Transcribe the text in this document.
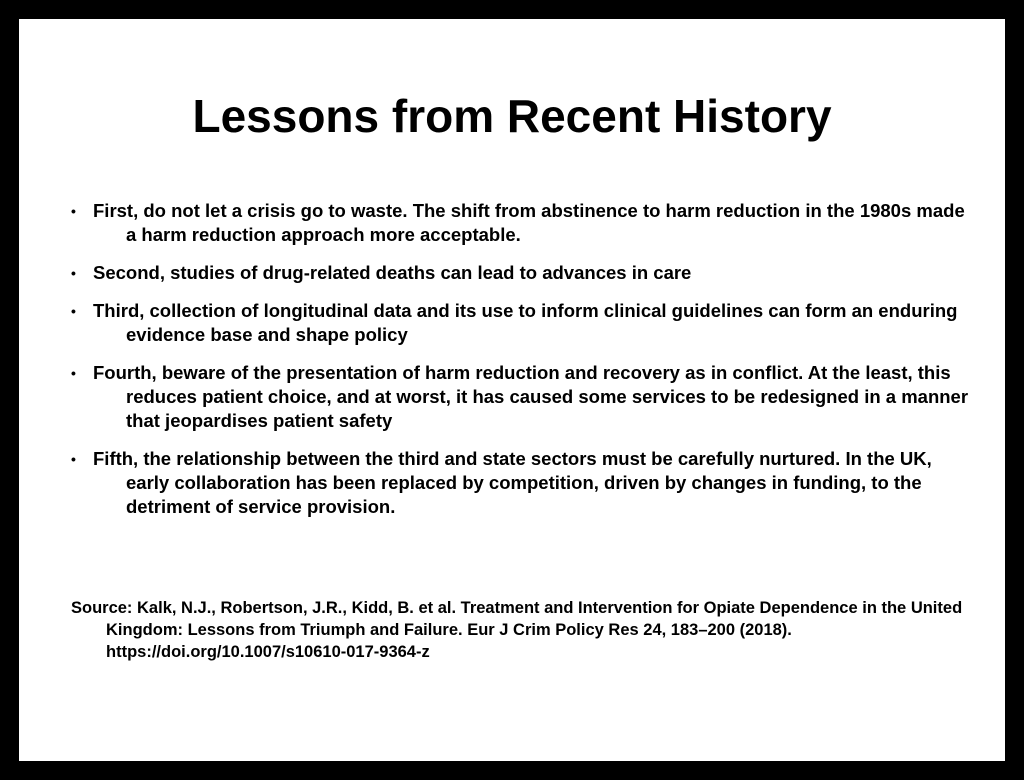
Lessons from Recent History
• First, do not let a crisis go to waste. The shift from abstinence to harm reduction in the 1980s made a harm reduction approach more acceptable.
• Second, studies of drug-related deaths can lead to advances in care
• Third, collection of longitudinal data and its use to inform clinical guidelines can form an enduring evidence base and shape policy
• Fourth, beware of the presentation of harm reduction and recovery as in conflict. At the least, this reduces patient choice, and at worst, it has caused some services to be redesigned in a manner that jeopardises patient safety
• Fifth, the relationship between the third and state sectors must be carefully nurtured. In the UK, early collaboration has been replaced by competition, driven by changes in funding, to the detriment of service provision.

Source: Kalk, N.J., Robertson, J.R., Kidd, B. et al. Treatment and Intervention for Opiate Dependence in the United Kingdom: Lessons from Triumph and Failure. Eur J Crim Policy Res 24, 183–200 (2018). https://doi.org/10.1007/s10610-017-9364-z
